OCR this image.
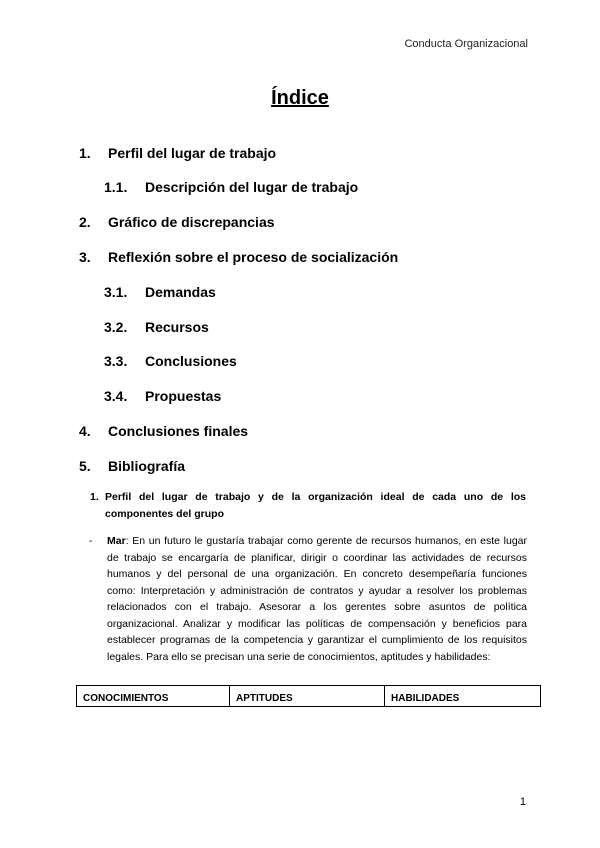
Conducta Organizacional
Índice
1. Perfil del lugar de trabajo
1.1. Descripción del lugar de trabajo
2. Gráfico de discrepancias
3. Reflexión sobre el proceso de socialización
3.1. Demandas
3.2. Recursos
3.3. Conclusiones
3.4. Propuestas
4. Conclusiones finales
5. Bibliografía
1. Perfil del lugar de trabajo y de la organización ideal de cada uno de los componentes del grupo
- Mar: En un futuro le gustaría trabajar como gerente de recursos humanos, en este lugar de trabajo se encargaría de planificar, dirigir o coordinar las actividades de recursos humanos y del personal de una organización. En concreto desempeñaría funciones como: Interpretación y administración de contratos y ayudar a resolver los problemas relacionados con el trabajo. Asesorar a los gerentes sobre asuntos de política organizacional. Analizar y modificar las políticas de compensación y beneficios para establecer programas de la competencia y garantizar el cumplimiento de los requisitos legales. Para ello se precisan una serie de conocimientos, aptitudes y habilidades:
CONOCIMIENTOS	APTITUDES	HABILIDADES
1
